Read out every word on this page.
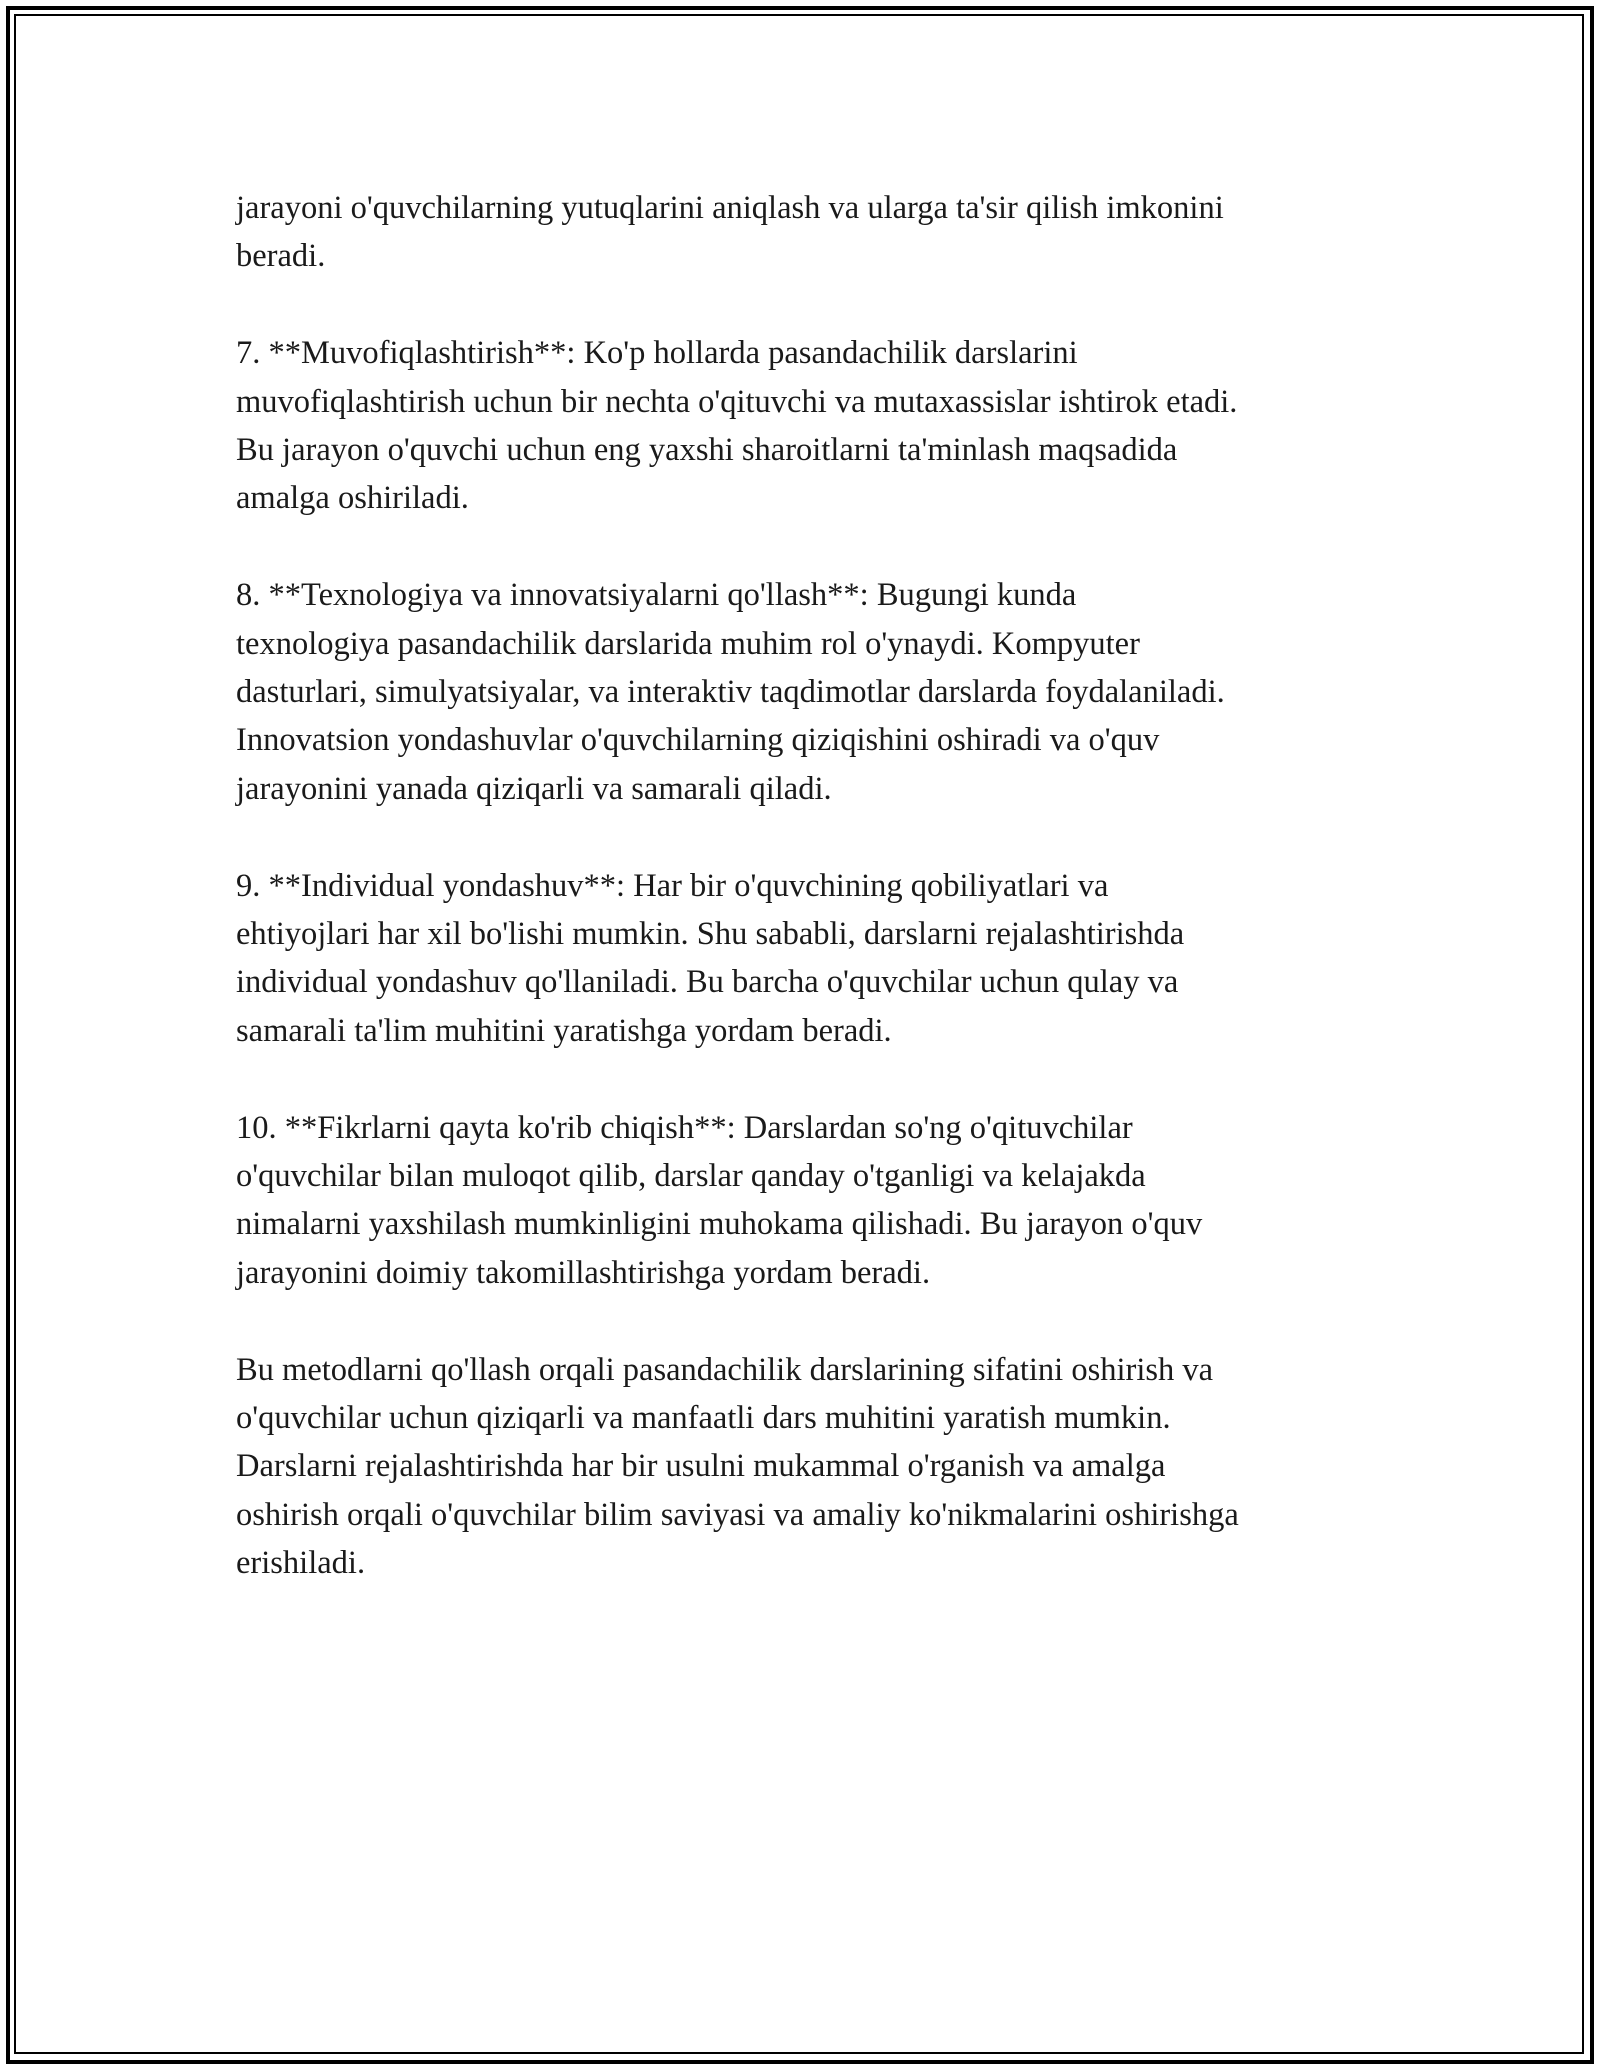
jarayoni o'quvchilarning yutuqlarini aniqlash va ularga ta'sir qilish imkonini
beradi.

7. **Muvofiqlashtirish**: Ko'p hollarda pasandachilik darslarini
muvofiqlashtirish uchun bir nechta o'qituvchi va mutaxassislar ishtirok etadi.
Bu jarayon o'quvchi uchun eng yaxshi sharoitlarni ta'minlash maqsadida
amalga oshiriladi.

8. **Texnologiya va innovatsiyalarni qo'llash**: Bugungi kunda
texnologiya pasandachilik darslarida muhim rol o'ynaydi. Kompyuter
dasturlari, simulyatsiyalar, va interaktiv taqdimotlar darslarda foydalaniladi.
Innovatsion yondashuvlar o'quvchilarning qiziqishini oshiradi va o'quv
jarayonini yanada qiziqarli va samarali qiladi.

9. **Individual yondashuv**: Har bir o'quvchining qobiliyatlari va
ehtiyojlari har xil bo'lishi mumkin. Shu sababli, darslarni rejalashtirishda
individual yondashuv qo'llaniladi. Bu barcha o'quvchilar uchun qulay va
samarali ta'lim muhitini yaratishga yordam beradi.

10. **Fikrlarni qayta ko'rib chiqish**: Darslardan so'ng o'qituvchilar
o'quvchilar bilan muloqot qilib, darslar qanday o'tganligi va kelajakda
nimalarni yaxshilash mumkinligini muhokama qilishadi. Bu jarayon o'quv
jarayonini doimiy takomillashtirishga yordam beradi.

Bu metodlarni qo'llash orqali pasandachilik darslarining sifatini oshirish va
o'quvchilar uchun qiziqarli va manfaatli dars muhitini yaratish mumkin.
Darslarni rejalashtirishda har bir usulni mukammal o'rganish va amalga
oshirish orqali o'quvchilar bilim saviyasi va amaliy ko'nikmalarini oshirishga
erishiladi.
